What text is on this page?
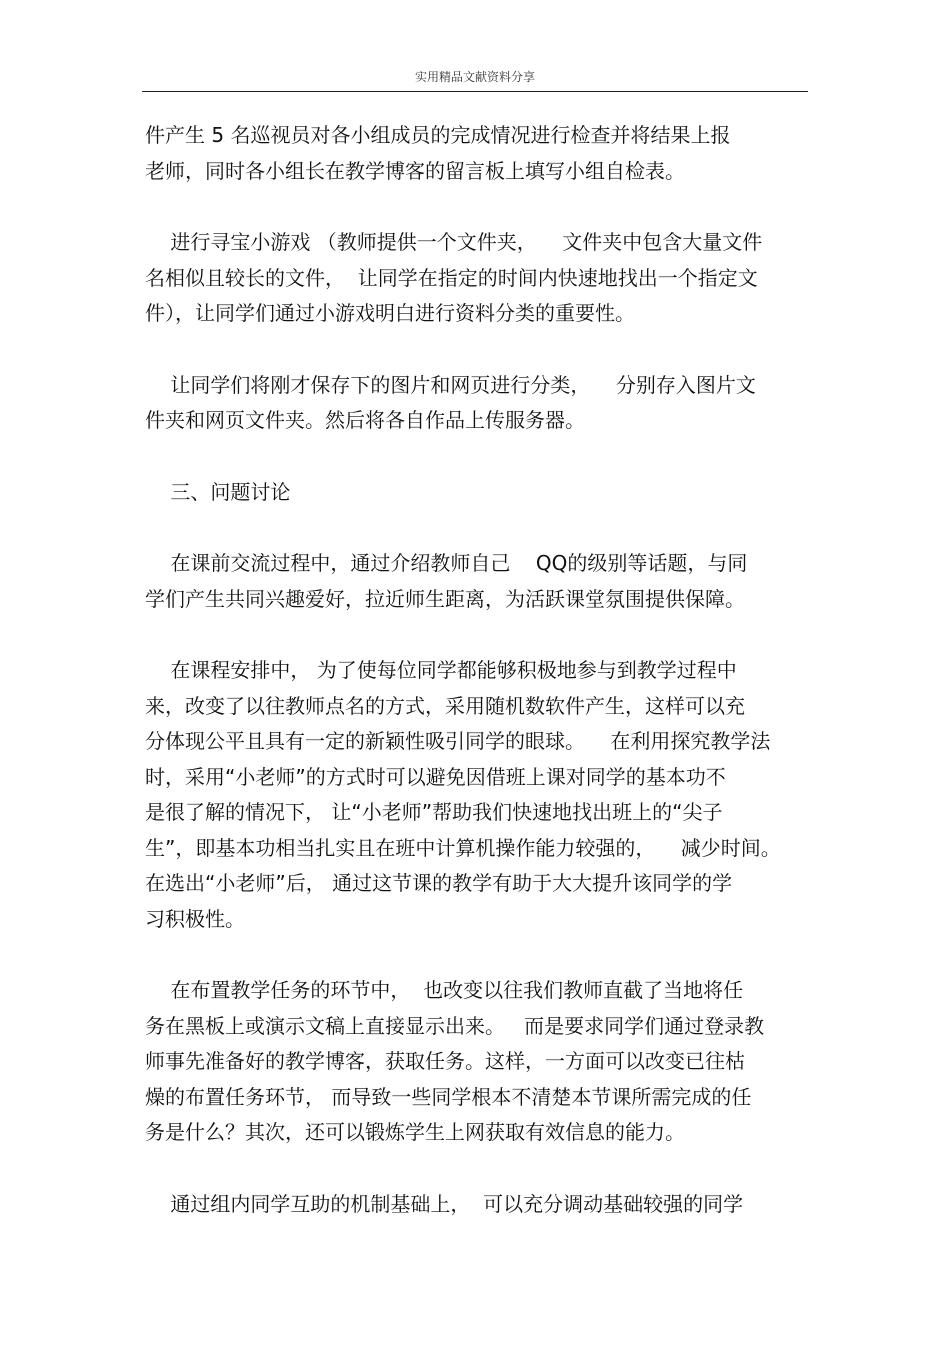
实用精品文献资料分享
件产生 5 名巡视员对各小组成员的完成情况进行检查并将结果上报
老师，同时各小组长在教学博客的留言板上填写小组自检表。
进行寻宝小游戏 （教师提供一个文件夹，    文件夹中包含大量文件
名相似且较长的文件，  让同学在指定的时间内快速地找出一个指定文
件），让同学们通过小游戏明白进行资料分类的重要性。
让同学们将刚才保存下的图片和网页进行分类，    分别存入图片文
件夹和网页文件夹。然后将各自作品上传服务器。
三、问题讨论
在课前交流过程中，通过介绍教师自己    QQ的级别等话题，与同
学们产生共同兴趣爱好，拉近师生距离，为活跃课堂氛围提供保障。
在课程安排中， 为了使每位同学都能够积极地参与到教学过程中
来，改变了以往教师点名的方式，采用随机数软件产生，这样可以充
分体现公平且具有一定的新颖性吸引同学的眼球。    在利用探究教学法
时，采用“小老师”的方式时可以避免因借班上课对同学的基本功不
是很了解的情况下， 让“小老师”帮助我们快速地找出班上的“尖子
生”，即基本功相当扎实且在班中计算机操作能力较强的，    减少时间。
在选出“小老师”后， 通过这节课的教学有助于大大提升该同学的学
习积极性。
在布置教学任务的环节中，  也改变以往我们教师直截了当地将任
务在黑板上或演示文稿上直接显示出来。   而是要求同学们通过登录教
师事先准备好的教学博客，获取任务。这样，一方面可以改变已往枯
燥的布置任务环节， 而导致一些同学根本不清楚本节课所需完成的任
务是什么？其次，还可以锻炼学生上网获取有效信息的能力。
通过组内同学互助的机制基础上，  可以充分调动基础较强的同学
